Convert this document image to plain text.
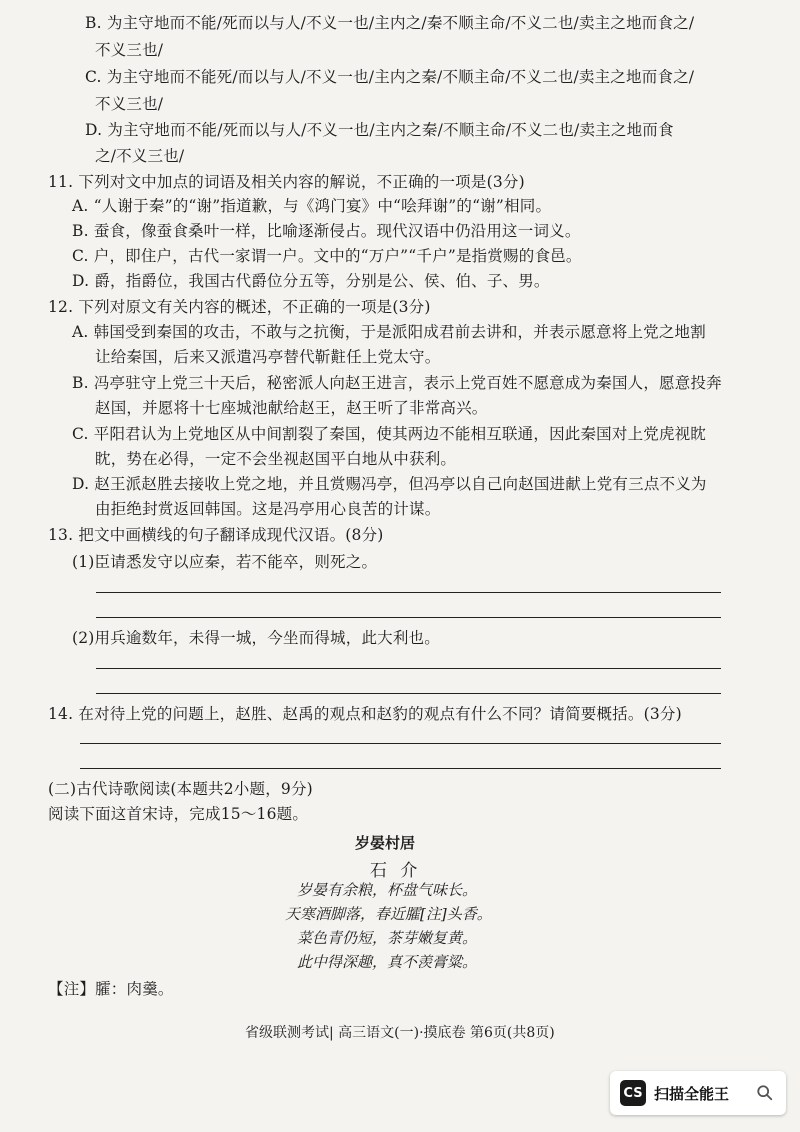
B. 为主守地而不能/死而以与人/不义一也/主内之/秦不顺主命/不义二也/卖主之地而食之/
不义三也/
C. 为主守地而不能死/而以与人/不义一也/主内之秦/不顺主命/不义二也/卖主之地而食之/
不义三也/
D. 为主守地而不能/死而以与人/不义一也/主内之秦/不顺主命/不义二也/卖主之地而食
之/不义三也/
11. 下列对文中加点的词语及相关内容的解说，不正确的一项是(3分)
A. “人谢于秦”的“谢”指道歉，与《鸿门宴》中“哙拜谢”的“谢”相同。
B. 蚕食，像蚕食桑叶一样，比喻逐渐侵占。现代汉语中仍沿用这一词义。
C. 户，即住户，古代一家谓一户。文中的“万户”“千户”是指赏赐的食邑。
D. 爵，指爵位，我国古代爵位分五等，分别是公、侯、伯、子、男。
12. 下列对原文有关内容的概述，不正确的一项是(3分)
A. 韩国受到秦国的攻击，不敢与之抗衡，于是派阳成君前去讲和，并表示愿意将上党之地割
让给秦国，后来又派遣冯亭替代靳黈任上党太守。
B. 冯亭驻守上党三十天后，秘密派人向赵王进言，表示上党百姓不愿意成为秦国人，愿意投奔
赵国，并愿将十七座城池献给赵王，赵王听了非常高兴。
C. 平阳君认为上党地区从中间割裂了秦国，使其两边不能相互联通，因此秦国对上党虎视眈
眈，势在必得，一定不会坐视赵国平白地从中获利。
D. 赵王派赵胜去接收上党之地，并且赏赐冯亭，但冯亭以自己向赵国进献上党有三点不义为
由拒绝封赏返回韩国。这是冯亭用心良苦的计谋。
13. 把文中画横线的句子翻译成现代汉语。(8分)
(1)臣请悉发守以应秦，若不能卒，则死之。
(2)用兵逾数年，未得一城，今坐而得城，此大利也。
14. 在对待上党的问题上，赵胜、赵禹的观点和赵豹的观点有什么不同？请简要概括。(3分)
(二)古代诗歌阅读(本题共2小题，9分)
阅读下面这首宋诗，完成15～16题。
【注】臛：肉羹。
岁晏村居
石 介
岁晏有余粮，杯盘气味长。
天寒酒脚落，春近臛[注]头香。
菜色青仍短，茶芽嫩复黄。
此中得深趣，真不羡膏粱。
省级联测考试| 高三语文(一)·摸底卷 第6页(共8页)
CS 扫描全能王
